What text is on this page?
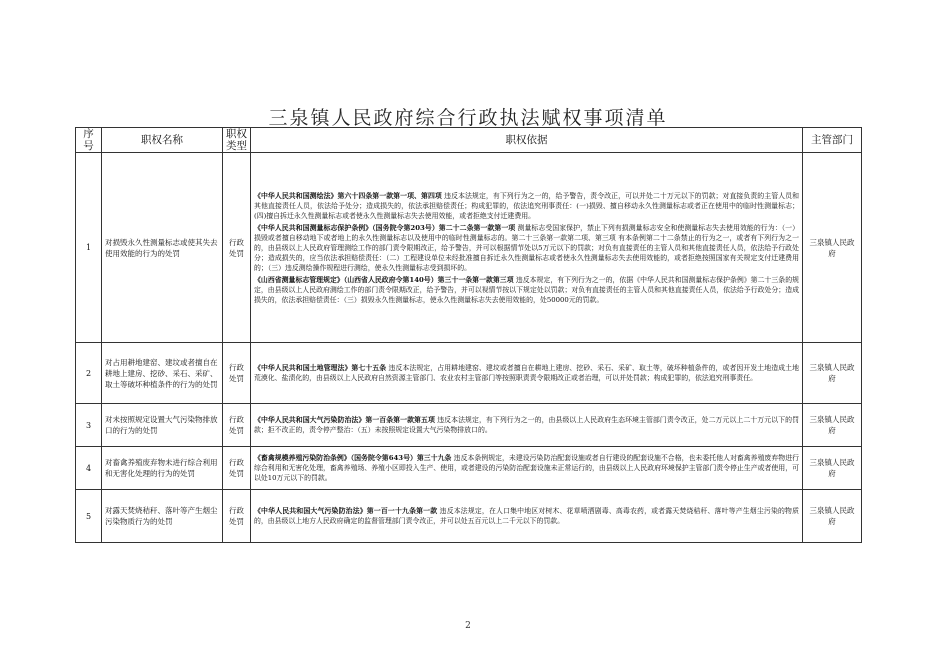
三泉镇人民政府综合行政执法赋权事项清单
序号	职权名称	职权类型	职权依据	主管部门
1	对损毁永久性测量标志或使其失去使用效能的行为的处罚	行政处罚	《中华人民共和国测绘法》第六十四条第一款第一项、第四项 违反本法规定，有下列行为之一的，给予警告，责令改正，可以并处二十万元以下的罚款；对直接负责的主管人员和其他直接责任人员，依法给予处分；造成损失的，依法承担赔偿责任；构成犯罪的，依法追究刑事责任：(一)损毁、擅自移动永久性测量标志或者正在使用中的临时性测量标志；(四)擅自拆迁永久性测量标志或者使永久性测量标志失去使用效能，或者拒绝支付迁建费用。

《中华人民共和国测量标志保护条例》（国务院令第203号）第二十二条第一款第一项 测量标志受国家保护，禁止下列有损测量标志安全和使测量标志失去使用效能的行为：（一）损毁或者擅自移动地下或者地上的永久性测量标志以及使用中的临时性测量标志的。第二十三条第一款第二项、第三项 有本条例第二十二条禁止的行为之一，或者有下列行为之一的，由县级以上人民政府管理测绘工作的部门责令限期改正，给予警告，并可以根据情节处以5万元以下的罚款；对负有直接责任的主管人员和其他直接责任人员，依法给予行政处分；造成损失的，应当依法承担赔偿责任：（二）工程建设单位未经批准擅自拆迁永久性测量标志或者使永久性测量标志失去使用效能的，或者拒绝按照国家有关规定支付迁建费用的；（三）违反测绘操作规程进行测绘，使永久性测量标志受到损坏的。

《山西省测量标志管理规定》（山西省人民政府令第140号）第三十一条第一款第三项 违反本规定，有下列行为之一的，依据《中华人民共和国测量标志保护条例》第二十三条的规定，由县级以上人民政府测绘工作的部门责令限期改正，给予警告，并可以视情节按以下规定处以罚款；对负有直接责任的主管人员和其他直接责任人员，依法给予行政处分；造成损失的，依法承担赔偿责任：（三）损毁永久性测量标志，使永久性测量标志失去使用效能的，处50000元的罚款。	三泉镇人民政府
2	对占用耕地建窑、建坟或者擅自在耕地上建房、挖砂、采石、采矿、取土等破坏种植条件的行为的处罚	行政处罚	《中华人民共和国土地管理法》第七十五条 违反本法规定，占用耕地建窑、建坟或者擅自在耕地上建房、挖砂、采石、采矿、取土等，破坏种植条件的，或者因开发土地造成土地荒漠化、盐渍化的，由县级以上人民政府自然资源主管部门、农业农村主管部门等按照职责责令限期改正或者治理，可以并处罚款；构成犯罪的，依法追究刑事责任。	三泉镇人民政府
3	对未按照规定设置大气污染物排放口的行为的处罚	行政处罚	《中华人民共和国大气污染防治法》第一百条第一款第五项 违反本法规定，有下列行为之一的，由县级以上人民政府生态环境主管部门责令改正，处二万元以上二十万元以下的罚款；拒不改正的，责令停产整治：（五）未按照规定设置大气污染物排放口的。	三泉镇人民政府
4	对畜禽养殖废弃物未进行综合利用和无害化处理的行为的处罚	行政处罚	《畜禽规模养殖污染防治条例》（国务院令第643号）第三十九条 违反本条例规定，未建设污染防治配套设施或者自行建设的配套设施不合格，也未委托他人对畜禽养殖废弃物进行综合利用和无害化处理，畜禽养殖场、养殖小区即投入生产、使用，或者建设的污染防治配套设施未正常运行的，由县级以上人民政府环境保护主管部门责令停止生产或者使用，可以处10万元以下的罚款。	三泉镇人民政府
5	对露天焚烧秸秆、落叶等产生烟尘污染物质行为的处罚	行政处罚	《中华人民共和国大气污染防治法》第一百一十九条第一款 违反本法规定，在人口集中地区对树木、花草喷洒剧毒、高毒农药，或者露天焚烧秸秆、落叶等产生烟尘污染的物质的，由县级以上地方人民政府确定的监督管理部门责令改正，并可以处五百元以上二千元以下的罚款。	三泉镇人民政府
2
